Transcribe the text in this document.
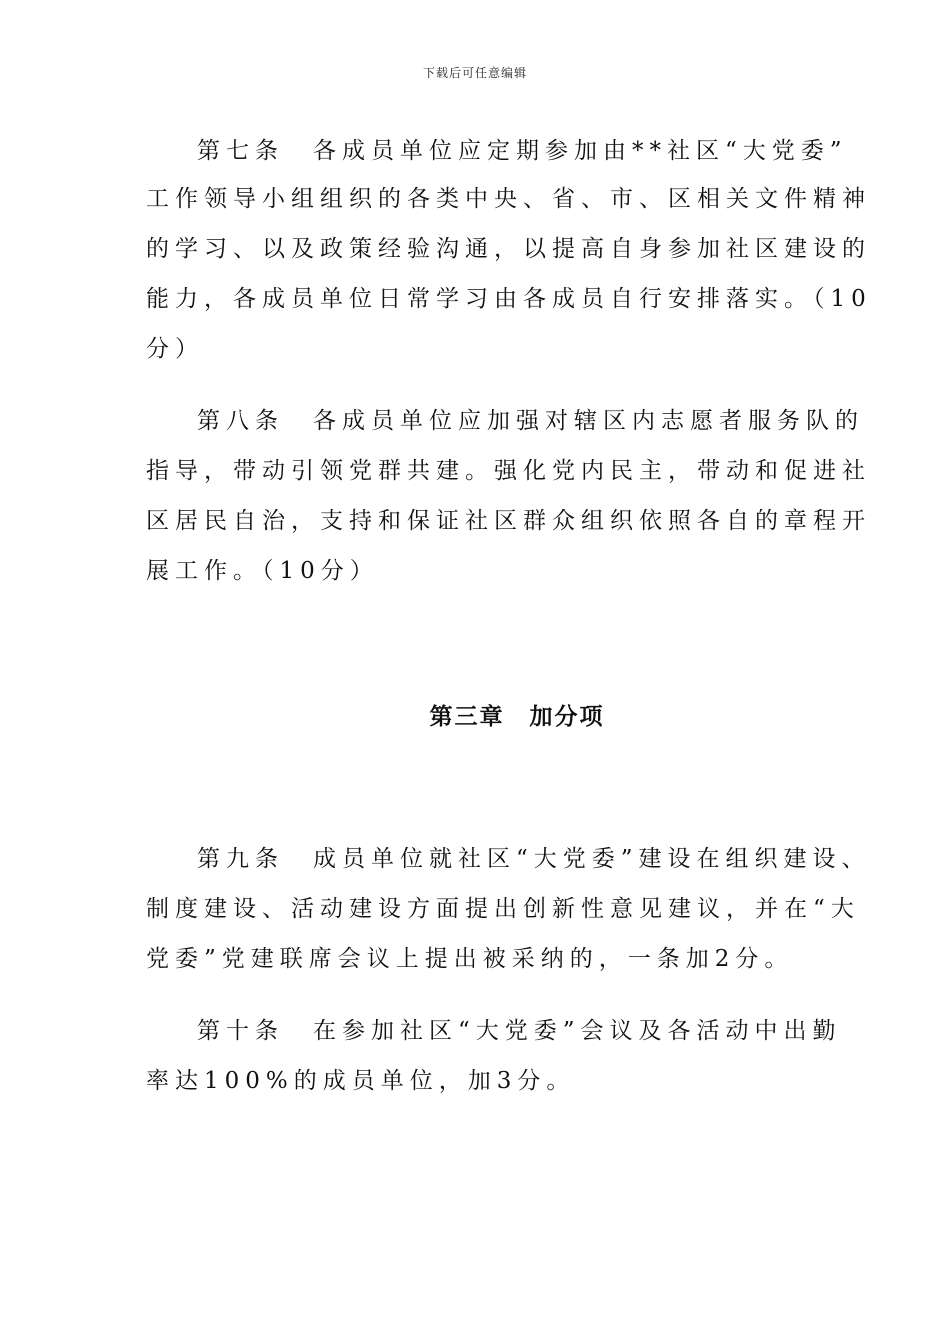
下载后可任意编辑
第七条　各成员单位应定期参加由**社区“大党委”
工作领导小组组织的各类中央、省、市、区相关文件精神
的学习、以及政策经验沟通，以提高自身参加社区建设的
能力，各成员单位日常学习由各成员自行安排落实。（10
分）
第八条　各成员单位应加强对辖区内志愿者服务队的
指导，带动引领党群共建。强化党内民主，带动和促进社
区居民自治，支持和保证社区群众组织依照各自的章程开
展工作。（10分）
第三章　加分项
第九条　成员单位就社区“大党委”建设在组织建设、
制度建设、活动建设方面提出创新性意见建议，并在“大
党委”党建联席会议上提出被采纳的，一条加2分。
第十条　在参加社区“大党委”会议及各活动中出勤
率达100%的成员单位，加3分。
